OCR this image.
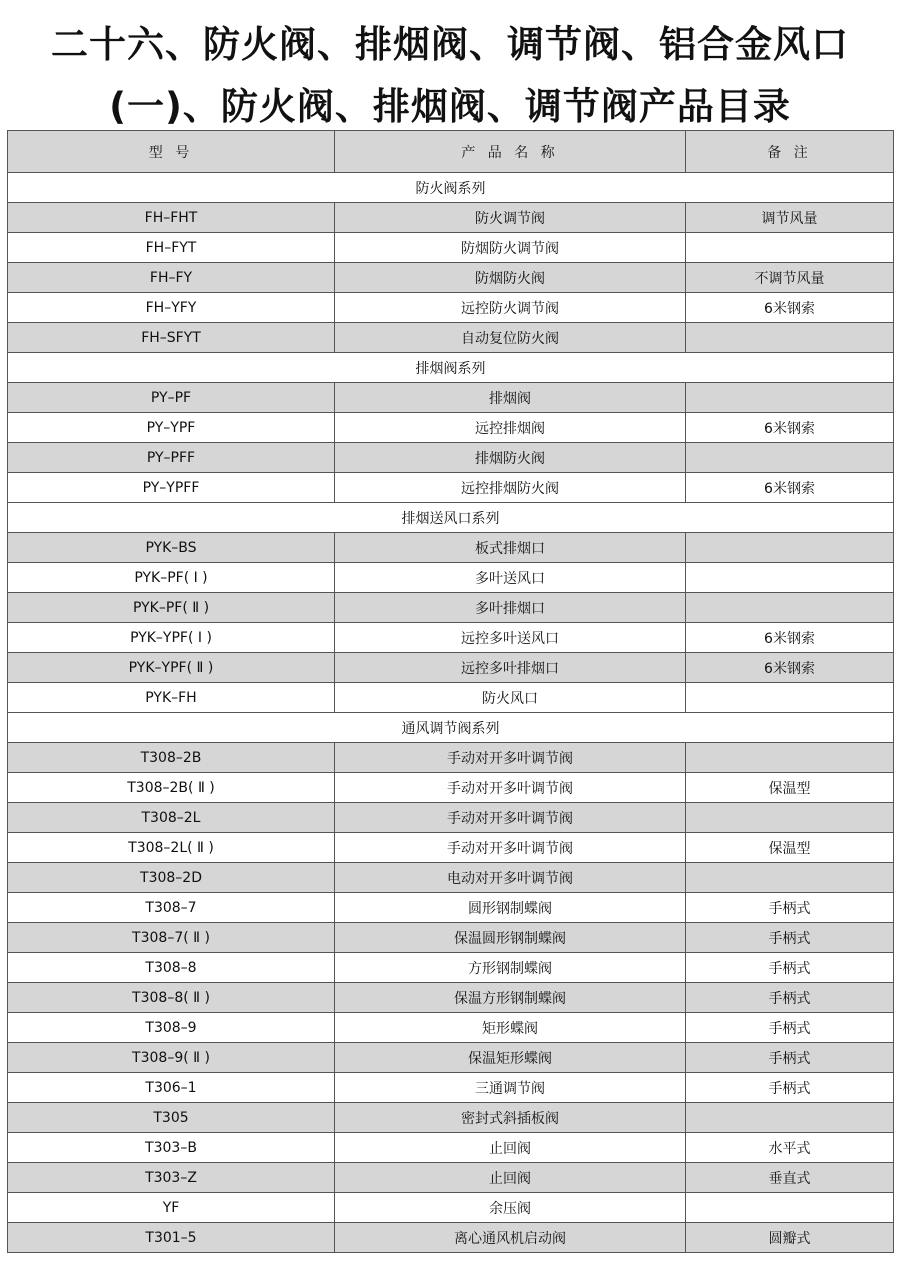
二十六、防火阀、排烟阀、调节阀、铝合金风口
(一)、防火阀、排烟阀、调节阀产品目录
型 号	产 品 名 称	备 注
防火阀系列		
FH–FHT	防火调节阀	调节风量
FH–FYT	防烟防火调节阀	
FH–FY	防烟防火阀	不调节风量
FH–YFY	远控防火调节阀	6米钢索
FH–SFYT	自动复位防火阀	
排烟阀系列		
PY–PF	排烟阀	
PY–YPF	远控排烟阀	6米钢索
PY–PFF	排烟防火阀	
PY–YPFF	远控排烟防火阀	6米钢索
排烟送风口系列		
PYK–BS	板式排烟口	
PYK–PF( Ⅰ )	多叶送风口	
PYK–PF( Ⅱ )	多叶排烟口	
PYK–YPF( Ⅰ )	远控多叶送风口	6米钢索
PYK–YPF( Ⅱ )	远控多叶排烟口	6米钢索
PYK–FH	防火风口	
通风调节阀系列		
T308–2B	手动对开多叶调节阀	
T308–2B( Ⅱ )	手动对开多叶调节阀	保温型
T308–2L	手动对开多叶调节阀	
T308–2L( Ⅱ )	手动对开多叶调节阀	保温型
T308–2D	电动对开多叶调节阀	
T308–7	圆形钢制蝶阀	手柄式
T308–7( Ⅱ )	保温圆形钢制蝶阀	手柄式
T308–8	方形钢制蝶阀	手柄式
T308–8( Ⅱ )	保温方形钢制蝶阀	手柄式
T308–9	矩形蝶阀	手柄式
T308–9( Ⅱ )	保温矩形蝶阀	手柄式
T306–1	三通调节阀	手柄式
T305	密封式斜插板阀	
T303–B	止回阀	水平式
T303–Z	止回阀	垂直式
YF	余压阀	
T301–5	离心通风机启动阀	圆瓣式
